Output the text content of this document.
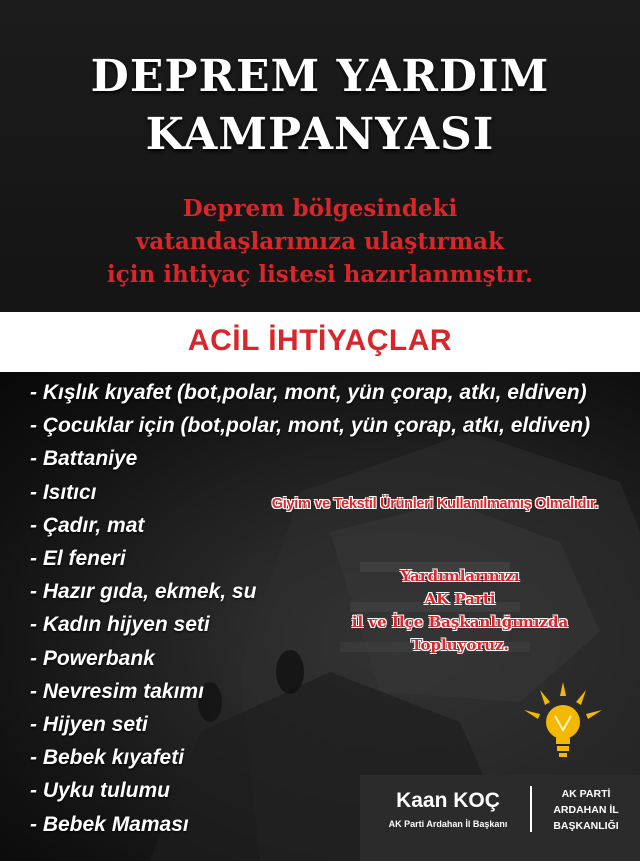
DEPREM YARDIM
KAMPANYASI
Deprem bölgesindeki
vatandaşlarımıza ulaştırmak
için ihtiyaç listesi hazırlanmıştır.
ACİL İHTİYAÇLAR
- Kışlık kıyafet (bot,polar, mont, yün çorap, atkı, eldiven)
- Çocuklar için (bot,polar, mont, yün çorap, atkı, eldiven)
- Battaniye
- Isıtıcı
- Çadır, mat
- El feneri
- Hazır gıda, ekmek, su
- Kadın hijyen seti
- Powerbank
- Nevresim takımı
- Hijyen seti
- Bebek kıyafeti
- Uyku tulumu
- Bebek Maması
Giyim ve Tekstil Ürünleri Kullanılmamış Olmalıdır.
Yardımlarınızı
AK Parti
il ve İlçe Başkanlığımızda
Topluyoruz.
Kaan KOÇ
AK Parti Ardahan İl Başkanı
AK PARTİ
ARDAHAN İL
BAŞKANLIĞI
